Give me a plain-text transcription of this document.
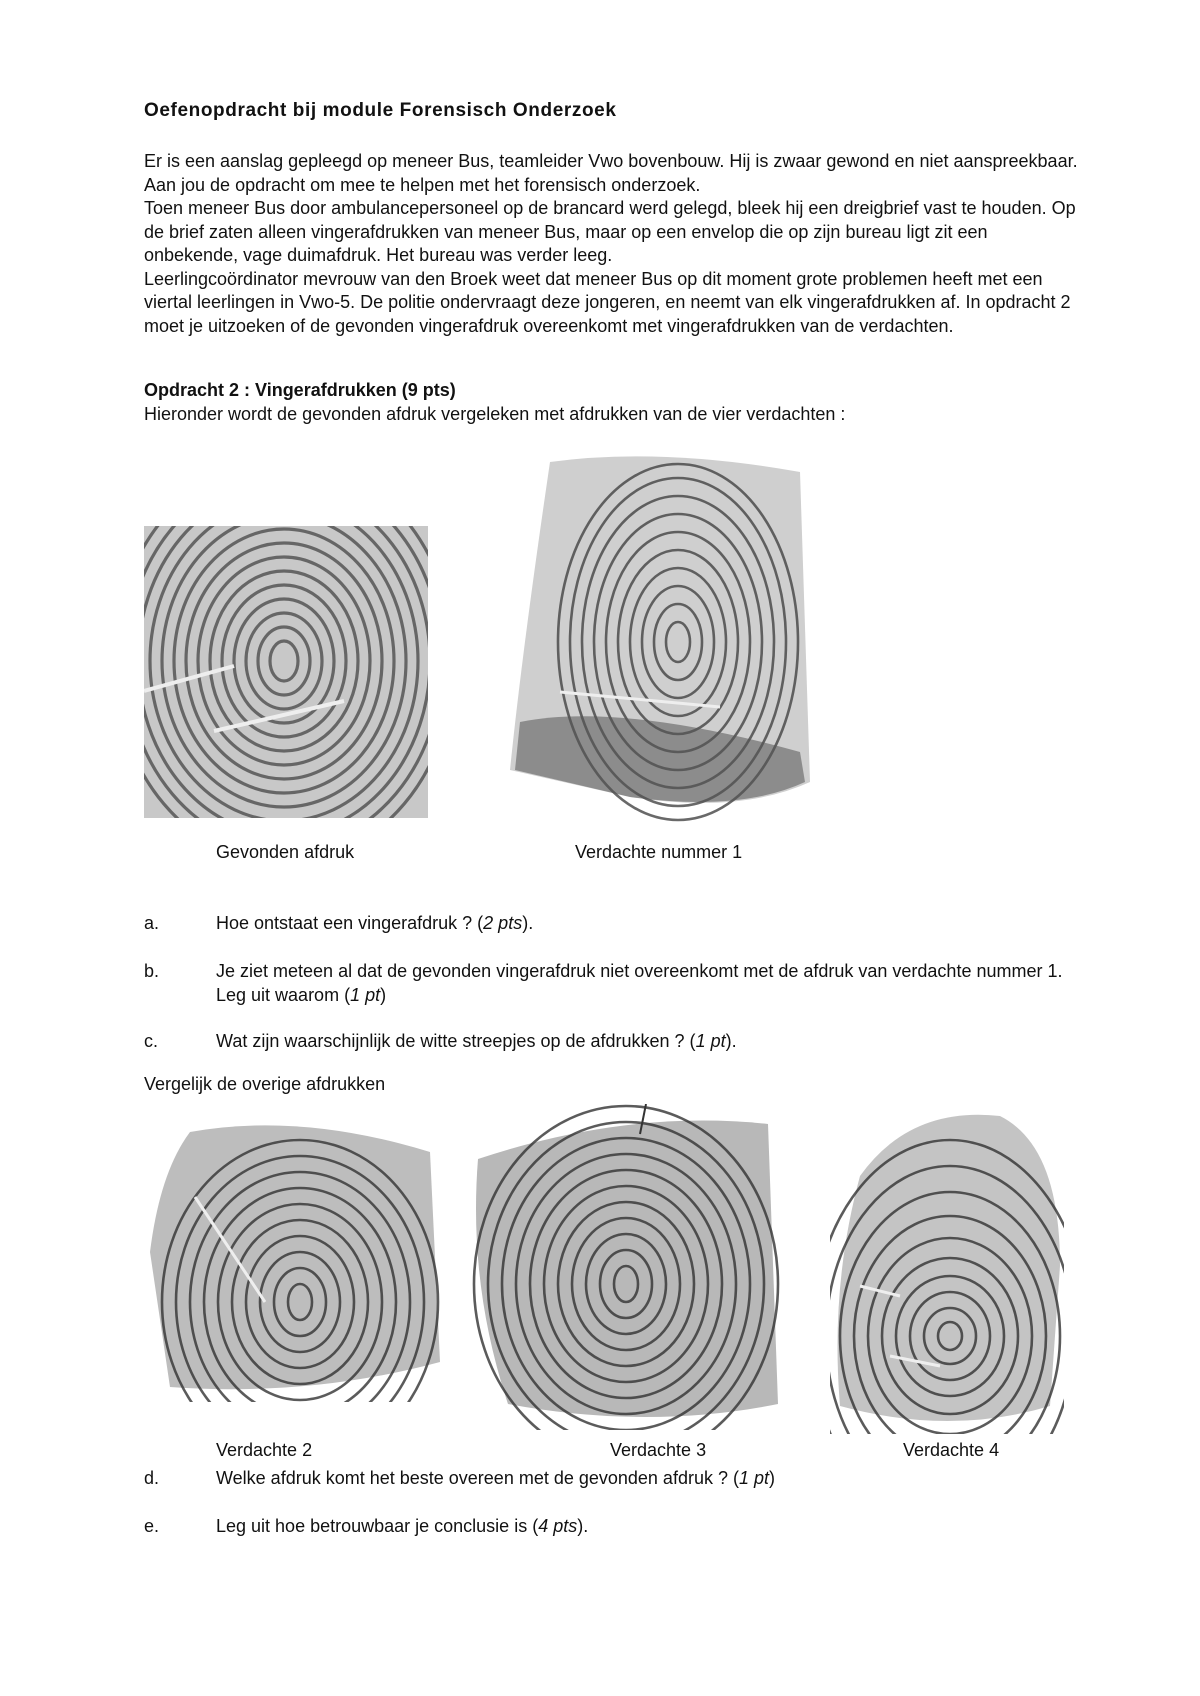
Oefenopdracht bij module Forensisch Onderzoek

Er is een aanslag gepleegd op meneer Bus, teamleider Vwo bovenbouw. Hij is zwaar gewond en niet aanspreekbaar. Aan jou de opdracht om mee te helpen met het forensisch onderzoek.

Toen meneer Bus door ambulancepersoneel op de brancard werd gelegd, bleek hij een dreigbrief vast te houden. Op de brief zaten alleen vingerafdrukken van meneer Bus, maar op een envelop die op zijn bureau ligt zit een onbekende, vage duimafdruk. Het bureau was verder leeg.

Leerlingcoördinator mevrouw van den Broek weet dat meneer Bus op dit moment grote problemen heeft met een viertal leerlingen in Vwo-5. De politie ondervraagt deze jongeren, en neemt van elk vingerafdrukken af. In opdracht 2 moet je uitzoeken of de gevonden vingerafdruk overeenkomt met vingerafdrukken van de verdachten.

Opdracht 2 : Vingerafdrukken (9 pts)
Hieronder wordt de gevonden afdruk vergeleken met afdrukken van de vier verdachten :
Gevonden afdruk	Verdachte nummer 1
a.	Hoe ontstaat een vingerafdruk ? (2 pts).
b.	Je ziet meteen al dat de gevonden vingerafdruk niet overeenkomt met de afdruk van verdachte nummer 1. Leg uit waarom (1 pt)
c.	Wat zijn waarschijnlijk de witte streepjes op de afdrukken ? (1 pt).
Vergelijk de overige afdrukken
Verdachte 2	Verdachte 3	Verdachte 4
d.	Welke afdruk komt het beste overeen met de gevonden afdruk ? (1 pt)
e.	Leg uit hoe betrouwbaar je conclusie is (4 pts).
